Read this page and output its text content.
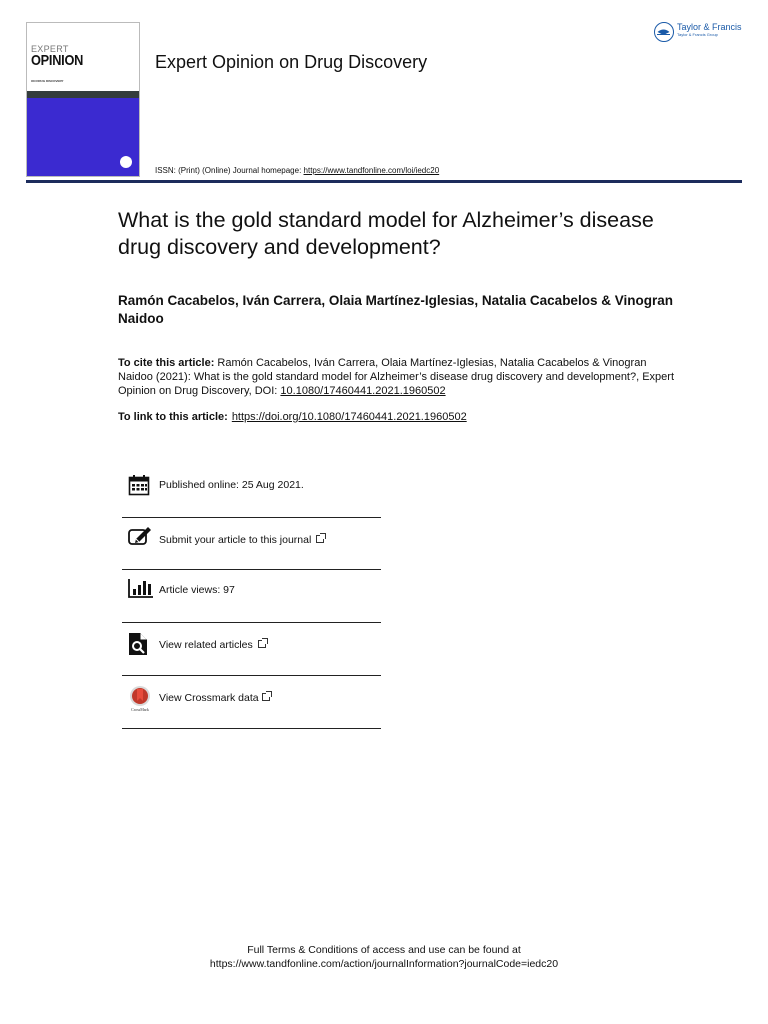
EXPERT
OPINION
ON DRUG DISCOVERY
Expert Opinion on Drug Discovery
ISSN: (Print) (Online) Journal homepage: https://www.tandfonline.com/loi/iedc20
Taylor & Francis
Taylor & Francis Group
What is the gold standard model for Alzheimer’s disease drug discovery and development?
Ramón Cacabelos, Iván Carrera, Olaia Martínez-Iglesias, Natalia Cacabelos & Vinogran Naidoo
To cite this article: Ramón Cacabelos, Iván Carrera, Olaia Martínez-Iglesias, Natalia Cacabelos & Vinogran Naidoo (2021): What is the gold standard model for Alzheimer’s disease drug discovery and development?, Expert Opinion on Drug Discovery, DOI: 10.1080/17460441.2021.1960502
To link to this article: https://doi.org/10.1080/17460441.2021.1960502
Published online: 25 Aug 2021.
Submit your article to this journal
Article views: 97
View related articles
CrossMark
View Crossmark data
Full Terms & Conditions of access and use can be found at
https://www.tandfonline.com/action/journalInformation?journalCode=iedc20
